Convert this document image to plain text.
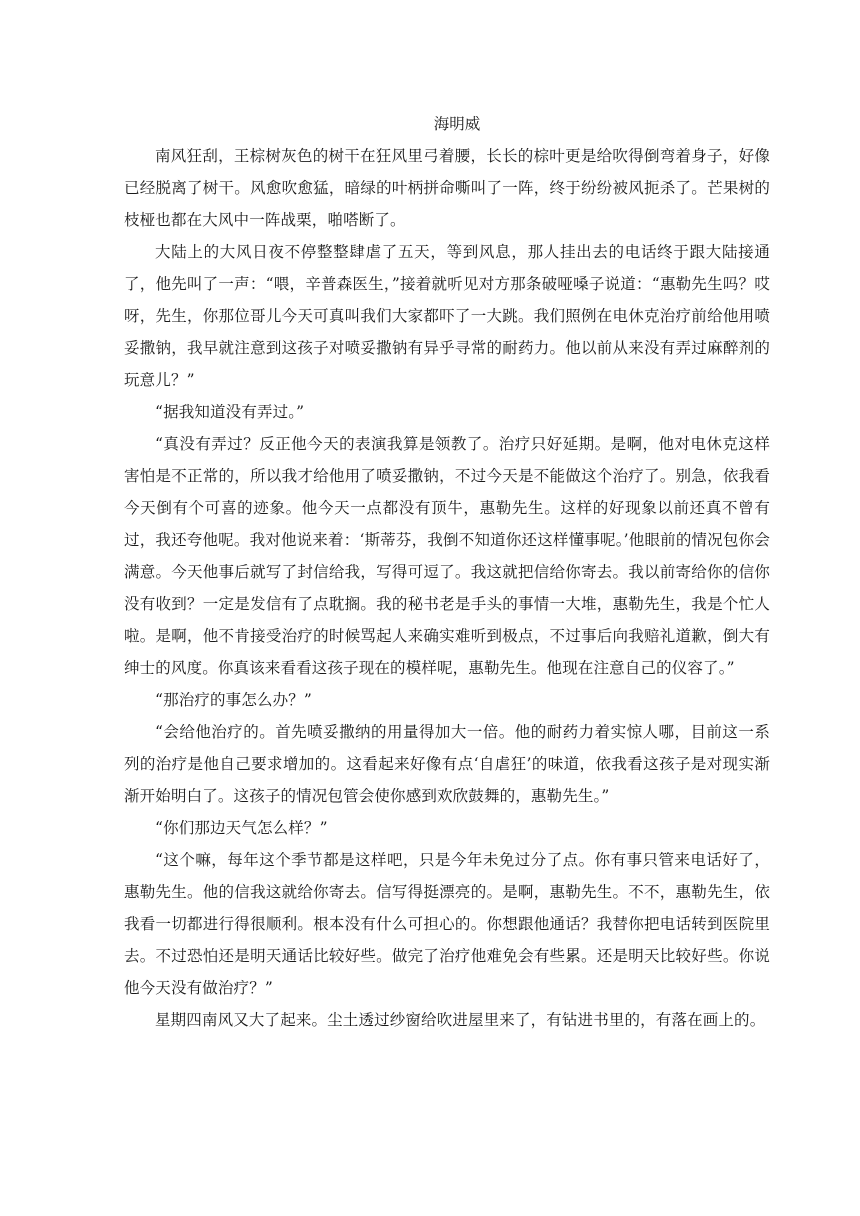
海明威

南风狂刮，王棕树灰色的树干在狂风里弓着腰，长长的棕叶更是给吹得倒弯着身子，好像已经脱离了树干。风愈吹愈猛，暗绿的叶柄拼命嘶叫了一阵，终于纷纷被风扼杀了。芒果树的枝桠也都在大风中一阵战栗，啪嗒断了。

大陆上的大风日夜不停整整肆虐了五天，等到风息，那人挂出去的电话终于跟大陆接通了，他先叫了一声：“喂，辛普森医生，”接着就听见对方那条破哑嗓子说道：“惠勒先生吗？哎呀，先生，你那位哥儿今天可真叫我们大家都吓了一大跳。我们照例在电休克治疗前给他用喷妥撒钠，我早就注意到这孩子对喷妥撒钠有异乎寻常的耐药力。他以前从来没有弄过麻醉剂的玩意儿？”

“据我知道没有弄过。”

“真没有弄过？反正他今天的表演我算是领教了。治疗只好延期。是啊，他对电休克这样害怕是不正常的，所以我才给他用了喷妥撒钠，不过今天是不能做这个治疗了。别急，依我看今天倒有个可喜的迹象。他今天一点都没有顶牛，惠勒先生。这样的好现象以前还真不曾有过，我还夸他呢。我对他说来着：‘斯蒂芬，我倒不知道你还这样懂事呢。’他眼前的情况包你会满意。今天他事后就写了封信给我，写得可逗了。我这就把信给你寄去。我以前寄给你的信你没有收到？一定是发信有了点耽搁。我的秘书老是手头的事情一大堆，惠勒先生，我是个忙人啦。是啊，他不肯接受治疗的时候骂起人来确实难听到极点，不过事后向我赔礼道歉，倒大有绅士的风度。你真该来看看这孩子现在的模样呢，惠勒先生。他现在注意自己的仪容了。”

“那治疗的事怎么办？”

“会给他治疗的。首先喷妥撒纳的用量得加大一倍。他的耐药力着实惊人哪，目前这一系列的治疗是他自己要求增加的。这看起来好像有点‘自虐狂’的味道，依我看这孩子是对现实渐渐开始明白了。这孩子的情况包管会使你感到欢欣鼓舞的，惠勒先生。”

“你们那边天气怎么样？”

“这个嘛，每年这个季节都是这样吧，只是今年未免过分了点。你有事只管来电话好了，惠勒先生。他的信我这就给你寄去。信写得挺漂亮的。是啊，惠勒先生。不不，惠勒先生，依我看一切都进行得很顺利。根本没有什么可担心的。你想跟他通话？我替你把电话转到医院里去。不过恐怕还是明天通话比较好些。做完了治疗他难免会有些累。还是明天比较好些。你说他今天没有做治疗？”

星期四南风又大了起来。尘土透过纱窗给吹进屋里来了，有钻进书里的，有落在画上的。
